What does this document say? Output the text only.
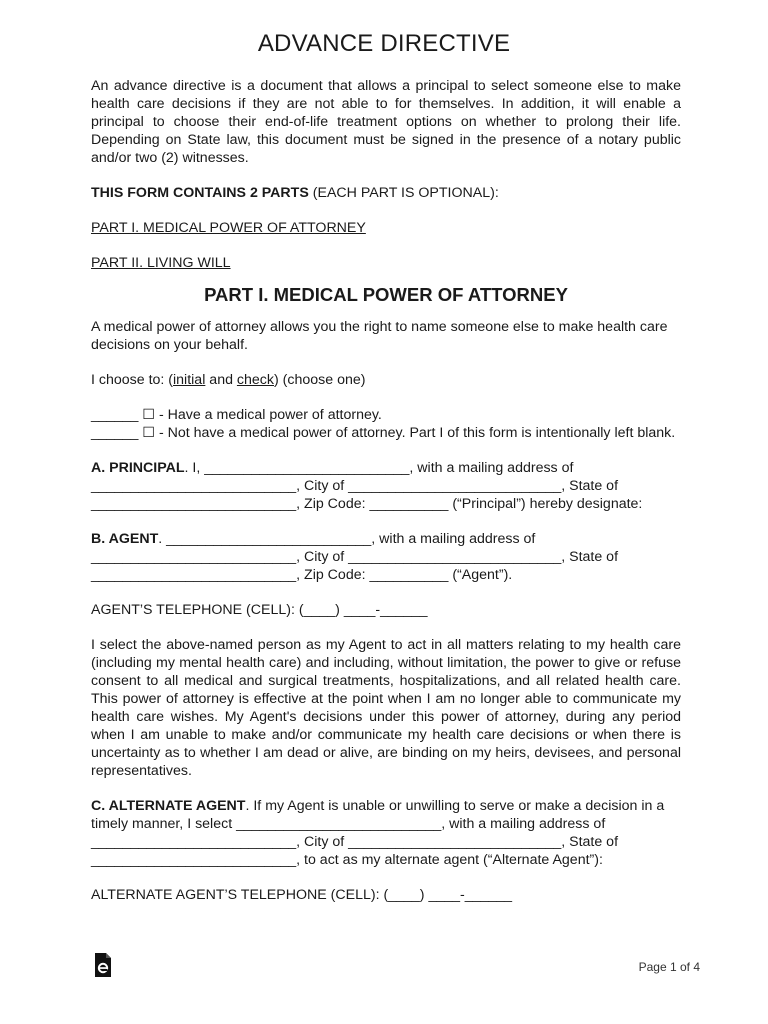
ADVANCE DIRECTIVE

An advance directive is a document that allows a principal to select someone else to make health care decisions if they are not able to for themselves. In addition, it will enable a principal to choose their end-of-life treatment options on whether to prolong their life. Depending on State law, this document must be signed in the presence of a notary public and/or two (2) witnesses.

THIS FORM CONTAINS 2 PARTS (EACH PART IS OPTIONAL):

PART I. MEDICAL POWER OF ATTORNEY

PART II. LIVING WILL

PART I. MEDICAL POWER OF ATTORNEY

A medical power of attorney allows you the right to name someone else to make health care decisions on your behalf.

I choose to: (initial and check) (choose one)

______ ☐ - Have a medical power of attorney.

______ ☐ - Not have a medical power of attorney. Part I of this form is intentionally left blank.

A. PRINCIPAL. I, __________________________, with a mailing address of

__________________________, City of ___________________________, State of

__________________________, Zip Code: __________ (“Principal”) hereby designate:

B. AGENT. __________________________, with a mailing address of

__________________________, City of ___________________________, State of

__________________________, Zip Code: __________ (“Agent”).

AGENT’S TELEPHONE (CELL): (____) ____-______

I select the above-named person as my Agent to act in all matters relating to my health care (including my mental health care) and including, without limitation, the power to give or refuse consent to all medical and surgical treatments, hospitalizations, and all related health care. This power of attorney is effective at the point when I am no longer able to communicate my health care wishes. My Agent's decisions under this power of attorney, during any period when I am unable to make and/or communicate my health care decisions or when there is uncertainty as to whether I am dead or alive, are binding on my heirs, devisees, and personal representatives.

C. ALTERNATE AGENT. If my Agent is unable or unwilling to serve or make a decision in a timely manner, I select __________________________, with a mailing address of

__________________________, City of ___________________________, State of

__________________________, to act as my alternate agent (“Alternate Agent”):

ALTERNATE AGENT’S TELEPHONE (CELL): (____) ____-______

Page 1 of 4
